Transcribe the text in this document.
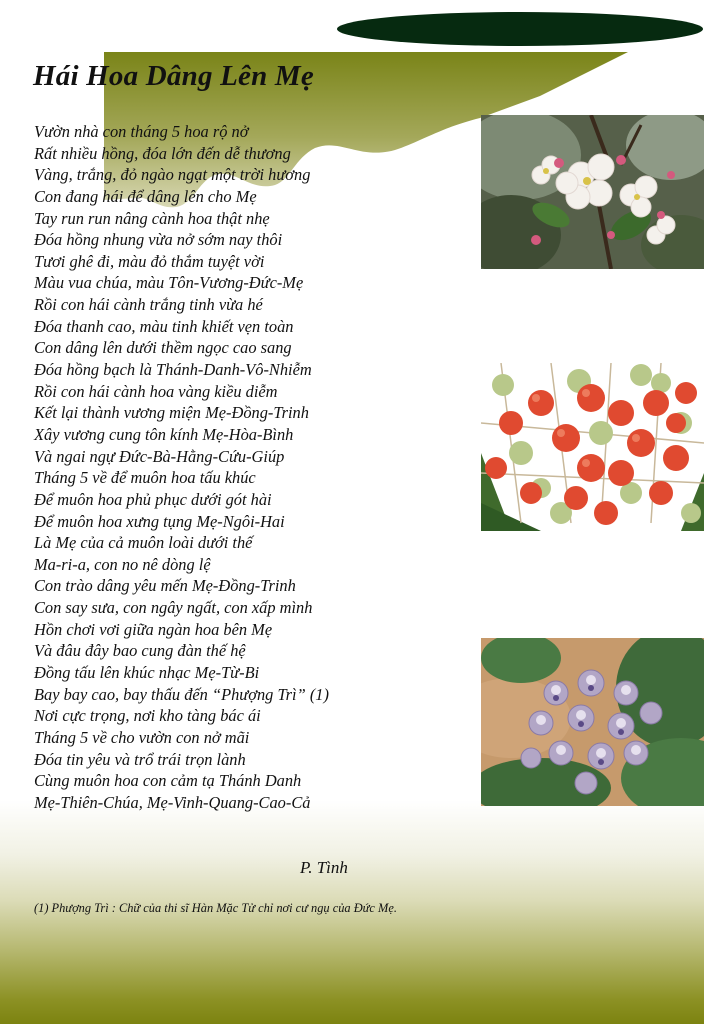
Hái Hoa Dâng Lên Mẹ
Vườn nhà con tháng 5 hoa rộ nở
Rất nhiều hồng, đóa lớn đến dễ thương
Vàng, trắng, đỏ ngào ngạt một trời hương
Con đang hái để dâng lên cho Mẹ
Tay run run nâng cành hoa thật nhẹ
Đóa hồng nhung vừa nở sớm nay thôi
Tươi ghê đi, màu đỏ thắm tuyệt vời
Màu vua chúa, màu Tôn-Vương-Đức-Mẹ
Rồi con hái cành trắng tinh vừa hé
Đóa thanh cao, màu tinh khiết vẹn toàn
Con dâng lên dưới thềm ngọc cao sang
Đóa hồng bạch là Thánh-Danh-Vô-Nhiễm
Rồi con hái cành hoa vàng kiều diễm
Kết lại thành vương miện Mẹ-Đồng-Trinh
Xây vương cung tôn kính Mẹ-Hòa-Bình
Và ngai ngự Đức-Bà-Hằng-Cứu-Giúp
Tháng 5 về để muôn hoa tấu khúc
Để muôn hoa phủ phục dưới gót hài
Để muôn hoa xưng tụng Mẹ-Ngôi-Hai
Là Mẹ của cả muôn loài dưới thế
Ma-ri-a, con no nê dòng lệ
Con trào dâng yêu mến Mẹ-Đồng-Trinh
Con say sưa, con ngây ngất, con xấp mình
Hồn chơi vơi giữa ngàn hoa bên Mẹ
Và đâu đây bao cung đàn thế hệ
Đồng tấu lên khúc nhạc Mẹ-Từ-Bi
Bay bay cao, bay thấu đến “Phượng Trì” (1)
Nơi cực trọng, nơi kho tàng bác ái
Tháng 5 về cho vườn con nở mãi
Đóa tin yêu và trổ trái trọn lành
Cùng muôn hoa con cảm tạ Thánh Danh
Mẹ-Thiên-Chúa, Mẹ-Vinh-Quang-Cao-Cả
P. Tình
(1) Phượng Trì : Chữ của thi sĩ Hàn Mặc Tử chỉ nơi cư ngụ của Đức Mẹ.
